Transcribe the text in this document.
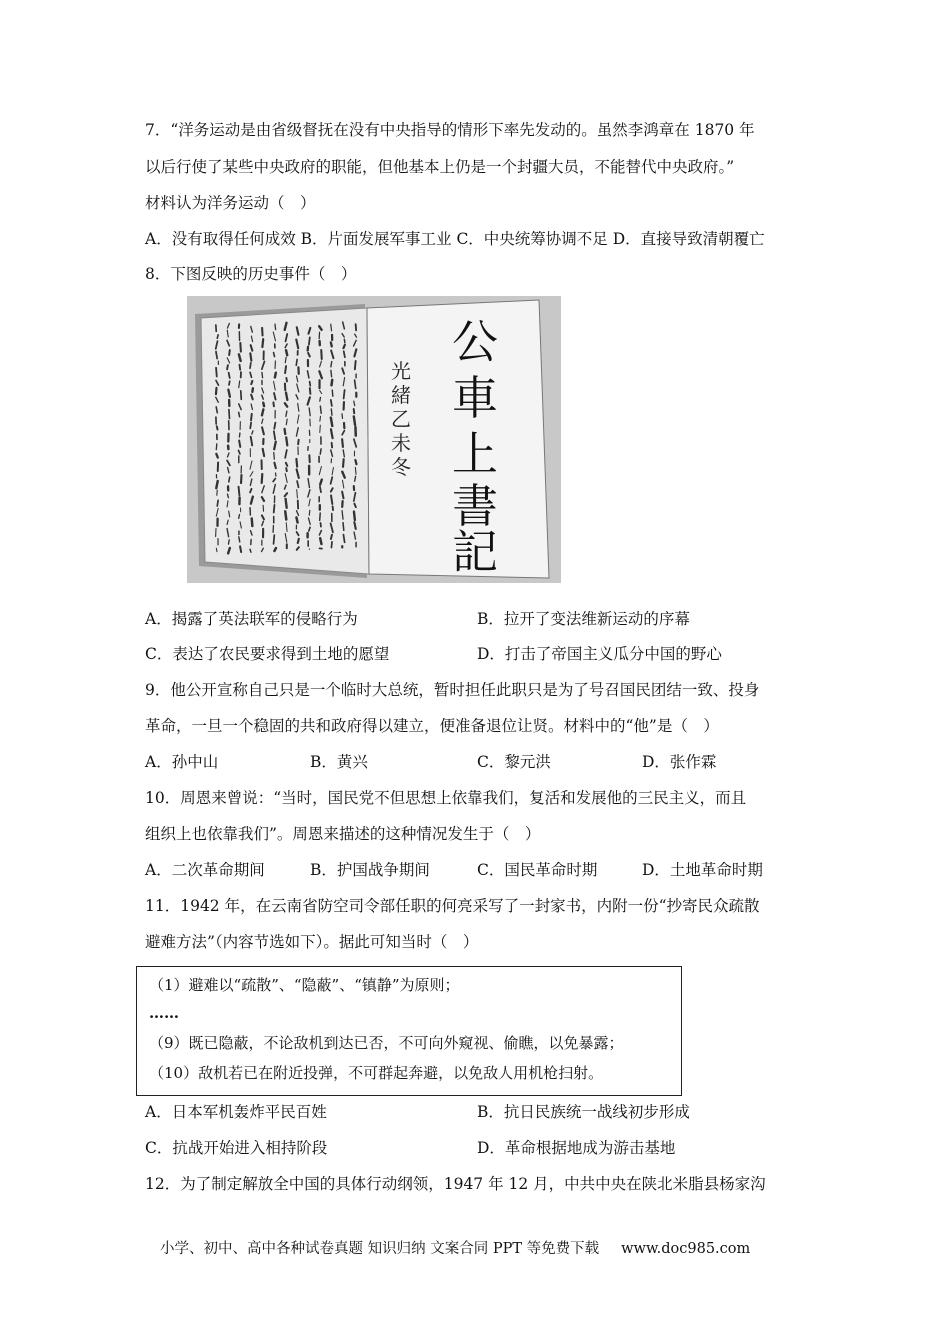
7．“洋务运动是由省级督抚在没有中央指导的情形下率先发动的。虽然李鸿章在 1870 年
以后行使了某些中央政府的职能，但他基本上仍是一个封疆大员，不能替代中央政府。”
材料认为洋务运动（　）
A．没有取得任何成效 B．片面发展军事工业 C．中央统筹协调不足 D．直接导致清朝覆亡
8．下图反映的历史事件（　）
公
車
上
書
記
光
緒
乙
未
冬
A．揭露了英法联军的侵略行为	B．拉开了变法维新运动的序幕
C．表达了农民要求得到土地的愿望	D．打击了帝国主义瓜分中国的野心
9．他公开宣称自己只是一个临时大总统，暂时担任此职只是为了号召国民团结一致、投身
革命，一旦一个稳固的共和政府得以建立，便准备退位让贤。材料中的“他”是（　）
A．孙中山	B．黄兴	C．黎元洪	D．张作霖
10．周恩来曾说：“当时，国民党不但思想上依靠我们，复活和发展他的三民主义，而且
组织上也依靠我们”。周恩来描述的这种情况发生于（　）
A．二次革命期间	B．护国战争期间	C．国民革命时期	D．土地革命时期
11．1942 年，在云南省防空司令部任职的何亮采写了一封家书，内附一份“抄寄民众疏散
避难方法”（内容节选如下）。据此可知当时（　）
（1）避难以“疏散”、“隐蔽”、“镇静”为原则；
……
（9）既已隐蔽，不论敌机到达已否，不可向外窥视、偷瞧，以免暴露；
（10）敌机若已在附近投弹，不可群起奔避，以免敌人用机枪扫射。
A．日本军机轰炸平民百姓	B．抗日民族统一战线初步形成
C．抗战开始进入相持阶段	D．革命根据地成为游击基地
12．为了制定解放全中国的具体行动纲领，1947 年 12 月，中共中央在陕北米脂县杨家沟
小学、初中、高中各种试卷真题 知识归纳 文案合同 PPT 等免费下载 www.doc985.com
